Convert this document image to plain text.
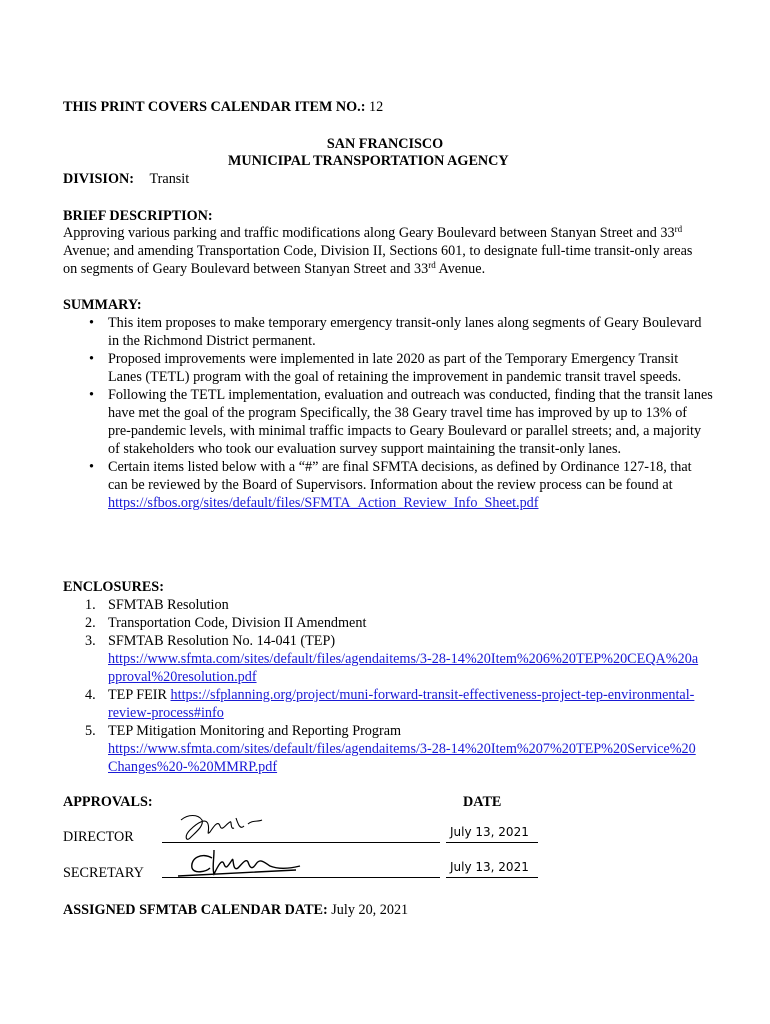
THIS PRINT COVERS CALENDAR ITEM NO.: 12
SAN FRANCISCO
MUNICIPAL TRANSPORTATION AGENCY
DIVISION: Transit
BRIEF DESCRIPTION:
Approving various parking and traffic modifications along Geary Boulevard between Stanyan Street and 33rd Avenue; and amending Transportation Code, Division II, Sections 601, to designate full-time transit-only areas on segments of Geary Boulevard between Stanyan Street and 33rd Avenue.
SUMMARY:
• This item proposes to make temporary emergency transit-only lanes along segments of Geary Boulevard in the Richmond District permanent.
• Proposed improvements were implemented in late 2020 as part of the Temporary Emergency Transit Lanes (TETL) program with the goal of retaining the improvement in pandemic transit travel speeds.
• Following the TETL implementation, evaluation and outreach was conducted, finding that the transit lanes have met the goal of the program Specifically, the 38 Geary travel time has improved by up to 13% of pre-pandemic levels, with minimal traffic impacts to Geary Boulevard or parallel streets; and, a majority of stakeholders who took our evaluation survey support maintaining the transit-only lanes.
• Certain items listed below with a “#” are final SFMTA decisions, as defined by Ordinance 127-18, that can be reviewed by the Board of Supervisors. Information about the review process can be found at https://sfbos.org/sites/default/files/SFMTA_Action_Review_Info_Sheet.pdf
ENCLOSURES:
1. SFMTAB Resolution
2. Transportation Code, Division II Amendment
3. SFMTAB Resolution No. 14-041 (TEP)
https://www.sfmta.com/sites/default/files/agendaitems/3-28-14%20Item%206%20TEP%20CEQA%20approval%20resolution.pdf
4. TEP FEIR https://sfplanning.org/project/muni-forward-transit-effectiveness-project-tep-environmental-review-process#info
5. TEP Mitigation Monitoring and Reporting Program
https://www.sfmta.com/sites/default/files/agendaitems/3-28-14%20Item%207%20TEP%20Service%20Changes%20-%20MMRP.pdf
APPROVALS:	DATE
DIRECTOR	July 13, 2021
SECRETARY	July 13, 2021
ASSIGNED SFMTAB CALENDAR DATE: July 20, 2021
